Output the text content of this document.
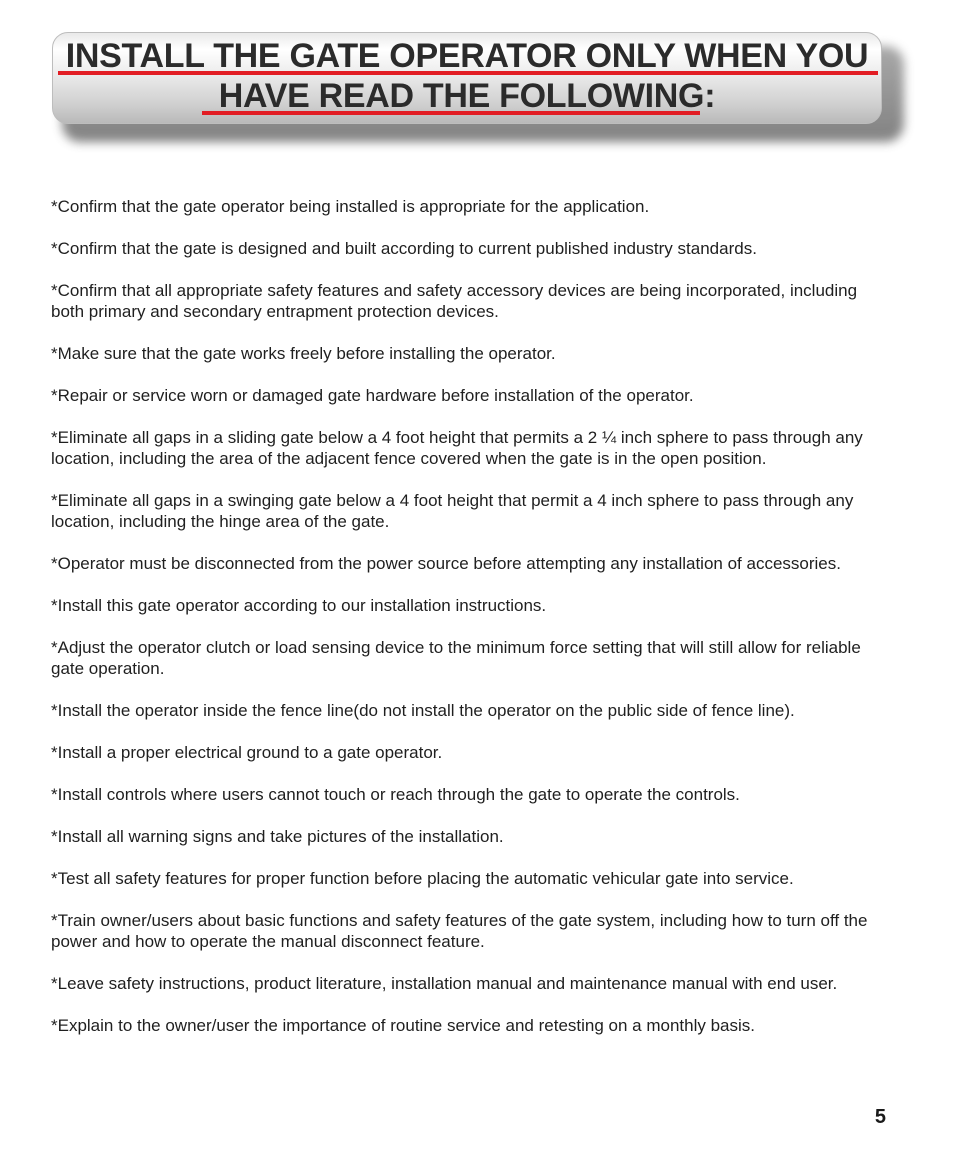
INSTALL THE GATE OPERATOR ONLY WHEN YOU
HAVE READ THE FOLLOWING:

*Confirm that the gate operator being installed is appropriate for the application.

*Confirm that the gate is designed and built according to current published industry standards.

*Confirm that all appropriate safety features and safety accessory devices are being incorporated, including both primary and secondary entrapment protection devices.

*Make sure that the gate works freely before installing the operator.

*Repair or service worn or damaged gate hardware before installation of the operator.

*Eliminate all gaps in a sliding gate below a 4 foot height that permits a 2 ¼ inch sphere to pass through any location, including the area of the adjacent fence covered when the gate is in the open position.

*Eliminate all gaps in a swinging gate below a 4 foot height that permit a 4 inch sphere to pass through any location, including the hinge area of the gate.

*Operator must be disconnected from the power source before attempting any installation of accessories.

*Install this gate operator according to our installation instructions.

*Adjust the operator clutch or load sensing device to the minimum force setting that will still allow for reliable gate operation.

*Install the operator inside the fence line(do not install the operator on the public side of fence line).

*Install a proper electrical ground to a gate operator.

*Install controls where users cannot touch or reach through the gate to operate the controls.

*Install all warning signs and take pictures of the installation.

*Test all safety features for proper function before placing the automatic vehicular gate into service.

*Train owner/users about basic functions and safety features of the gate system, including how to turn off the power and how to operate the manual disconnect feature.

*Leave safety instructions, product literature, installation manual and maintenance manual with end user.

*Explain to the owner/user the importance of routine service and retesting on a monthly basis.

5
